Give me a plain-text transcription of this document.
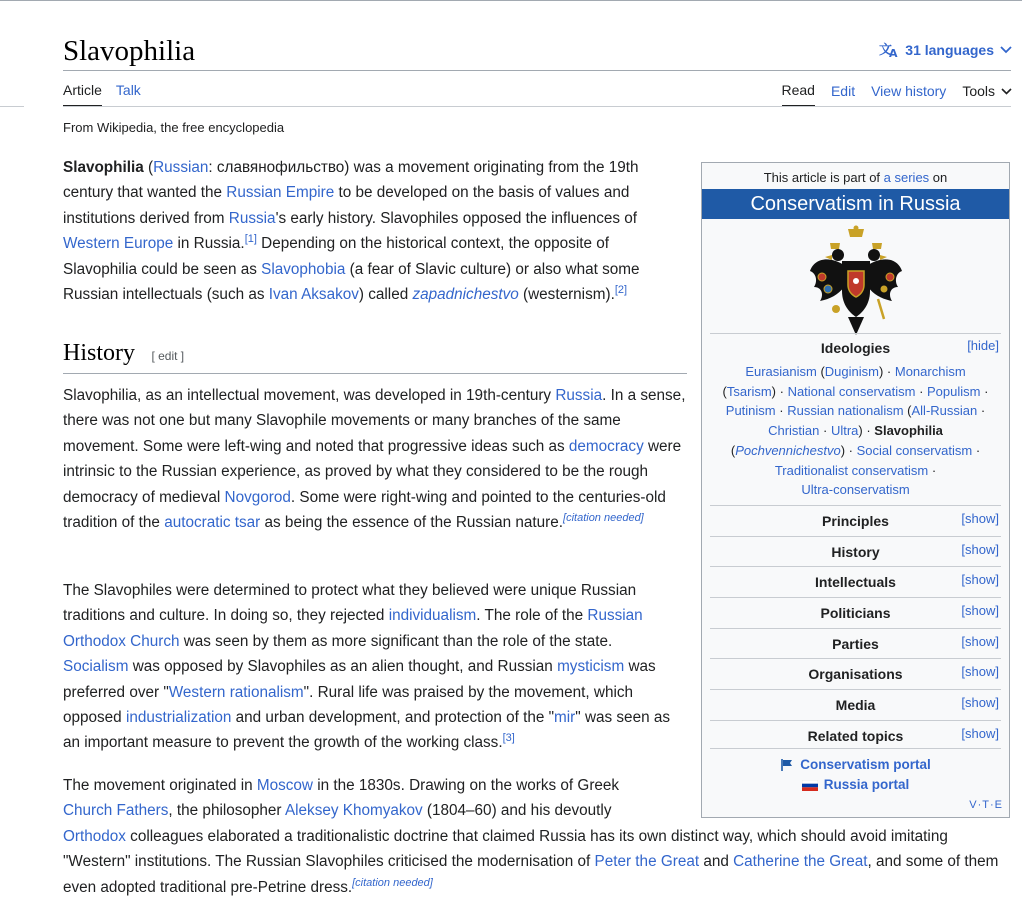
Slavophilia	文
A 31 languages
Article Talk	Read Edit View history Tools
From Wikipedia, the free encyclopedia

Slavophilia (Russian: славянофильство) was a movement originating from the 19th century that wanted the Russian Empire to be developed on the basis of values and institutions derived from Russia's early history. Slavophiles opposed the influences of Western Europe in Russia.[1] Depending on the historical context, the opposite of Slavophilia could be seen as Slavophobia (a fear of Slavic culture) or also what some Russian intellectuals (such as Ivan Aksakov) called zapadnichestvo (westernism).[2]

History [ edit ]

Slavophilia, as an intellectual movement, was developed in 19th-century Russia. In a sense, there was not one but many Slavophile movements or many branches of the same movement. Some were left-wing and noted that progressive ideas such as democracy were intrinsic to the Russian experience, as proved by what they considered to be the rough democracy of medieval Novgorod. Some were right-wing and pointed to the centuries-old tradition of the autocratic tsar as being the essence of the Russian nature.[citation needed]

The Slavophiles were determined to protect what they believed were unique Russian traditions and culture. In doing so, they rejected individualism. The role of the Russian Orthodox Church was seen by them as more significant than the role of the state. Socialism was opposed by Slavophiles as an alien thought, and Russian mysticism was preferred over "Western rationalism". Rural life was praised by the movement, which opposed industrialization and urban development, and protection of the "mir" was seen as an important measure to prevent the growth of the working class.[3]

The movement originated in Moscow in the 1830s. Drawing on the works of Greek Church Fathers, the philosopher Aleksey Khomyakov (1804–60) and his devoutly Orthodox colleagues elaborated a traditionalistic doctrine that claimed Russia has its own distinct way, which should avoid imitating "Western" institutions. The Russian Slavophiles criticised the modernisation of Peter the Great and Catherine the Great, and some of them even adopted traditional pre-Petrine dress.[citation needed]

This article is part of a series on
Conservatism in Russia
Ideologies	[hide]
Eurasianism (Duginism) · Monarchism
(Tsarism) · National conservatism · Populism ·
Putinism · Russian nationalism (All-Russian ·
Christian · Ultra) · Slavophilia
(Pochvennichestvo) · Social conservatism ·
Traditionalist conservatism ·
Ultra-conservatism
Principles	[show]
History	[show]
Intellectuals	[show]
Politicians	[show]
Parties	[show]
Organisations	[show]
Media	[show]
Related topics	[show]
Conservatism portal
Russia portal
V·T·E
